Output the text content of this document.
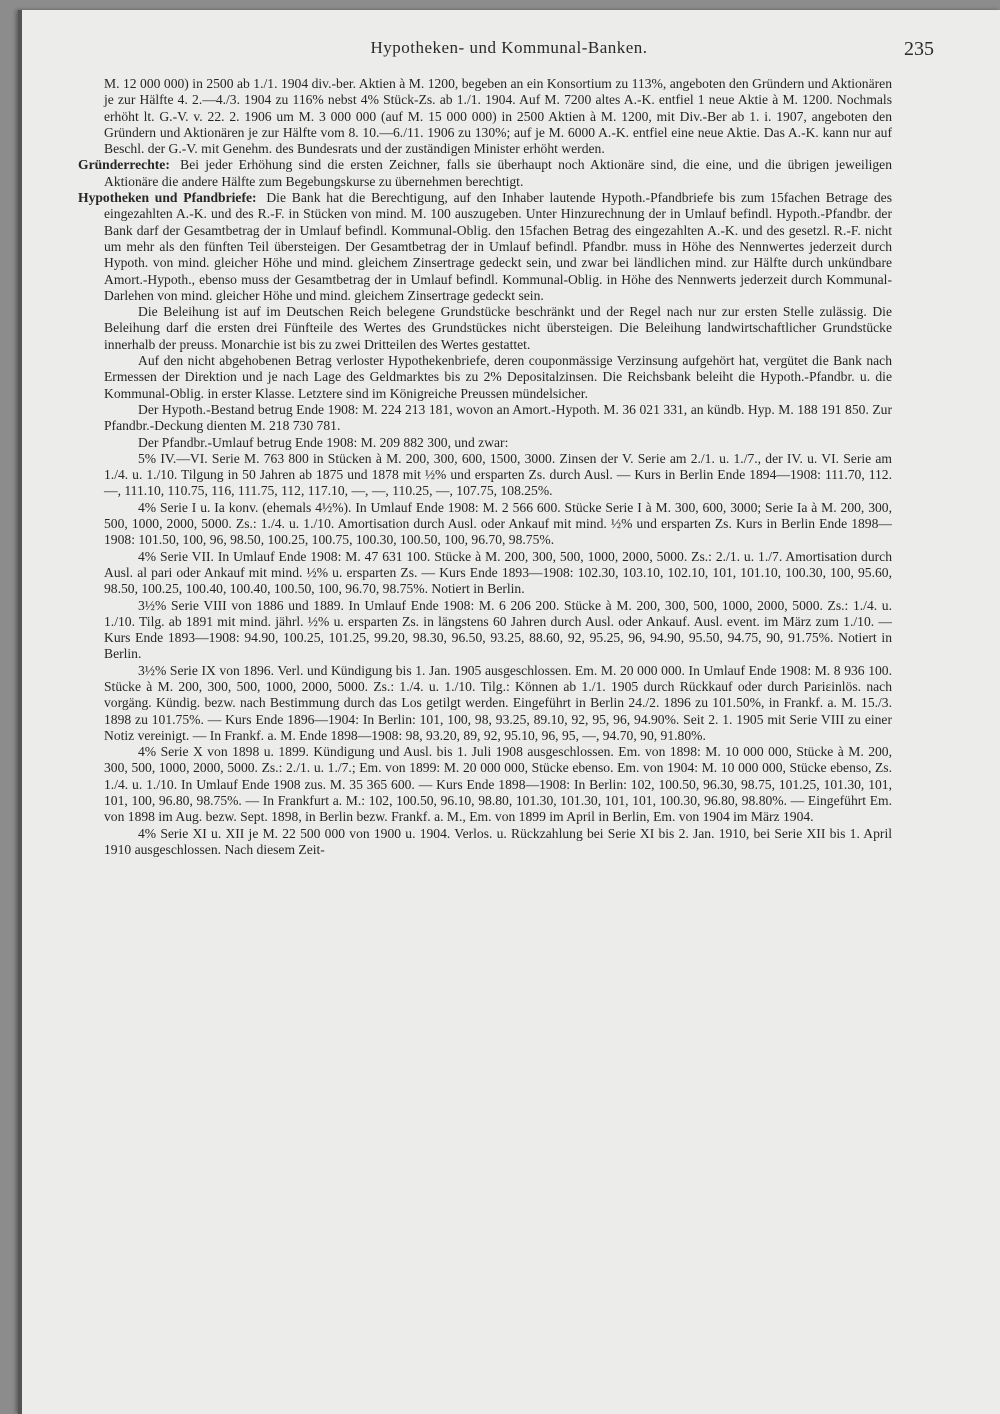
Hypotheken- und Kommunal-Banken.	235

M. 12 000 000) in 2500 ab 1./1. 1904 div.-ber. Aktien à M. 1200, begeben an ein Konsortium zu 113%, angeboten den Gründern und Aktionären je zur Hälfte 4. 2.—4./3. 1904 zu 116% nebst 4% Stück-Zs. ab 1./1. 1904. Auf M. 7200 altes A.-K. entfiel 1 neue Aktie à M. 1200. Nochmals erhöht lt. G.-V. v. 22. 2. 1906 um M. 3 000 000 (auf M. 15 000 000) in 2500 Aktien à M. 1200, mit Div.-Ber ab 1. i. 1907, angeboten den Gründern und Aktionären je zur Hälfte vom 8. 10.—6./11. 1906 zu 130%; auf je M. 6000 A.-K. entfiel eine neue Aktie. Das A.-K. kann nur auf Beschl. der G.-V. mit Genehm. des Bundesrats und der zuständigen Minister erhöht werden.

Gründerrechte: Bei jeder Erhöhung sind die ersten Zeichner, falls sie überhaupt noch Aktionäre sind, die eine, und die übrigen jeweiligen Aktionäre die andere Hälfte zum Begebungskurse zu übernehmen berechtigt.

Hypotheken und Pfandbriefe: Die Bank hat die Berechtigung, auf den Inhaber lautende Hypoth.-Pfandbriefe bis zum 15fachen Betrage des eingezahlten A.-K. und des R.-F. in Stücken von mind. M. 100 auszugeben. Unter Hinzurechnung der in Umlauf befindl. Hypoth.-Pfandbr. der Bank darf der Gesamtbetrag der in Umlauf befindl. Kommunal-Oblig. den 15fachen Betrag des eingezahlten A.-K. und des gesetzl. R.-F. nicht um mehr als den fünften Teil übersteigen. Der Gesamtbetrag der in Umlauf befindl. Pfandbr. muss in Höhe des Nennwertes jederzeit durch Hypoth. von mind. gleicher Höhe und mind. gleichem Zinsertrage gedeckt sein, und zwar bei ländlichen mind. zur Hälfte durch unkündbare Amort.-Hypoth., ebenso muss der Gesamtbetrag der in Umlauf befindl. Kommunal-Oblig. in Höhe des Nennwerts jederzeit durch Kommunal-Darlehen von mind. gleicher Höhe und mind. gleichem Zinsertrage gedeckt sein.

Die Beleihung ist auf im Deutschen Reich belegene Grundstücke beschränkt und der Regel nach nur zur ersten Stelle zulässig. Die Beleihung darf die ersten drei Fünfteile des Wertes des Grundstückes nicht übersteigen. Die Beleihung landwirtschaftlicher Grundstücke innerhalb der preuss. Monarchie ist bis zu zwei Dritteilen des Wertes gestattet.

Auf den nicht abgehobenen Betrag verloster Hypothekenbriefe, deren couponmässige Verzinsung aufgehört hat, vergütet die Bank nach Ermessen der Direktion und je nach Lage des Geldmarktes bis zu 2% Depositalzinsen. Die Reichsbank beleiht die Hypoth.-Pfandbr. u. die Kommunal-Oblig. in erster Klasse. Letztere sind im Königreiche Preussen mündelsicher.

Der Hypoth.-Bestand betrug Ende 1908: M. 224 213 181, wovon an Amort.-Hypoth. M. 36 021 331, an kündb. Hyp. M. 188 191 850. Zur Pfandbr.-Deckung dienten M. 218 730 781.

Der Pfandbr.-Umlauf betrug Ende 1908: M. 209 882 300, und zwar:

5% IV.—VI. Serie M. 763 800 in Stücken à M. 200, 300, 600, 1500, 3000. Zinsen der V. Serie am 2./1. u. 1./7., der IV. u. VI. Serie am 1./4. u. 1./10. Tilgung in 50 Jahren ab 1875 und 1878 mit ½% und ersparten Zs. durch Ausl. — Kurs in Berlin Ende 1894—1908: 111.70, 112.—, 111.10, 110.75, 116, 111.75, 112, 117.10, —, —, 110.25, —, 107.75, 108.25%.

4% Serie I u. Ia konv. (ehemals 4½%). In Umlauf Ende 1908: M. 2 566 600. Stücke Serie I à M. 300, 600, 3000; Serie Ia à M. 200, 300, 500, 1000, 2000, 5000. Zs.: 1./4. u. 1./10. Amortisation durch Ausl. oder Ankauf mit mind. ½% und ersparten Zs. Kurs in Berlin Ende 1898—1908: 101.50, 100, 96, 98.50, 100.25, 100.75, 100.30, 100.50, 100, 96.70, 98.75%.

4% Serie VII. In Umlauf Ende 1908: M. 47 631 100. Stücke à M. 200, 300, 500, 1000, 2000, 5000. Zs.: 2./1. u. 1./7. Amortisation durch Ausl. al pari oder Ankauf mit mind. ½% u. ersparten Zs. — Kurs Ende 1893—1908: 102.30, 103.10, 102.10, 101, 101.10, 100.30, 100, 95.60, 98.50, 100.25, 100.40, 100.40, 100.50, 100, 96.70, 98.75%. Notiert in Berlin.

3½% Serie VIII von 1886 und 1889. In Umlauf Ende 1908: M. 6 206 200. Stücke à M. 200, 300, 500, 1000, 2000, 5000. Zs.: 1./4. u. 1./10. Tilg. ab 1891 mit mind. jährl. ½% u. ersparten Zs. in längstens 60 Jahren durch Ausl. oder Ankauf. Ausl. event. im März zum 1./10. — Kurs Ende 1893—1908: 94.90, 100.25, 101.25, 99.20, 98.30, 96.50, 93.25, 88.60, 92, 95.25, 96, 94.90, 95.50, 94.75, 90, 91.75%. Notiert in Berlin.

3½% Serie IX von 1896. Verl. und Kündigung bis 1. Jan. 1905 ausgeschlossen. Em. M. 20 000 000. In Umlauf Ende 1908: M. 8 936 100. Stücke à M. 200, 300, 500, 1000, 2000, 5000. Zs.: 1./4. u. 1./10. Tilg.: Können ab 1./1. 1905 durch Rückkauf oder durch Pariεinlös. nach vorgäng. Kündig. bezw. nach Bestimmung durch das Los getilgt werden. Eingeführt in Berlin 24./2. 1896 zu 101.50%, in Frankf. a. M. 15./3. 1898 zu 101.75%. — Kurs Ende 1896—1904: In Berlin: 101, 100, 98, 93.25, 89.10, 92, 95, 96, 94.90%. Seit 2. 1. 1905 mit Serie VIII zu einer Notiz vereinigt. — In Frankf. a. M. Ende 1898—1908: 98, 93.20, 89, 92, 95.10, 96, 95, —, 94.70, 90, 91.80%.

4% Serie X von 1898 u. 1899. Kündigung und Ausl. bis 1. Juli 1908 ausgeschlossen. Em. von 1898: M. 10 000 000, Stücke à M. 200, 300, 500, 1000, 2000, 5000. Zs.: 2./1. u. 1./7.; Em. von 1899: M. 20 000 000, Stücke ebenso. Em. von 1904: M. 10 000 000, Stücke ebenso, Zs. 1./4. u. 1./10. In Umlauf Ende 1908 zus. M. 35 365 600. — Kurs Ende 1898—1908: In Berlin: 102, 100.50, 96.30, 98.75, 101.25, 101.30, 101, 101, 100, 96.80, 98.75%. — In Frankfurt a. M.: 102, 100.50, 96.10, 98.80, 101.30, 101.30, 101, 101, 100.30, 96.80, 98.80%. — Eingeführt Em. von 1898 im Aug. bezw. Sept. 1898, in Berlin bezw. Frankf. a. M., Em. von 1899 im April in Berlin, Em. von 1904 im März 1904.

4% Serie XI u. XII je M. 22 500 000 von 1900 u. 1904. Verlos. u. Rückzahlung bei Serie XI bis 2. Jan. 1910, bei Serie XII bis 1. April 1910 ausgeschlossen. Nach diesem Zeit-
